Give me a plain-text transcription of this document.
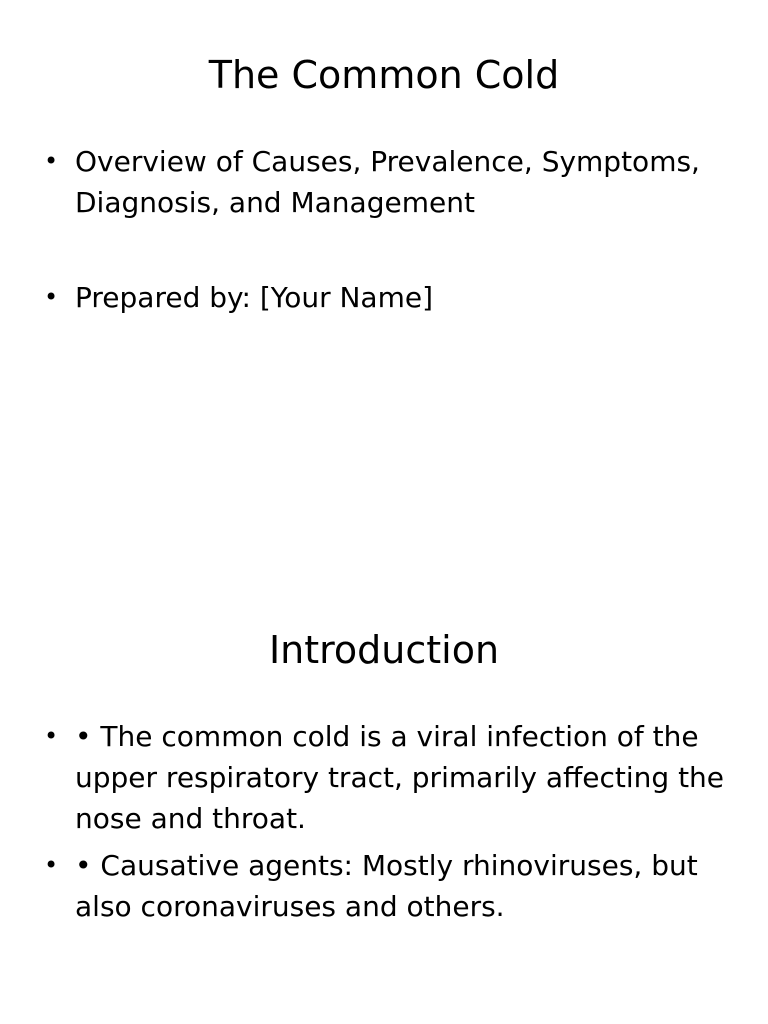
The Common Cold
• Overview of Causes, Prevalence, Symptoms, Diagnosis, and Management
• Prepared by: [Your Name]
Introduction
• • The common cold is a viral infection of the upper respiratory tract, primarily affecting the nose and throat.
• • Causative agents: Mostly rhinoviruses, but also coronaviruses and others.
